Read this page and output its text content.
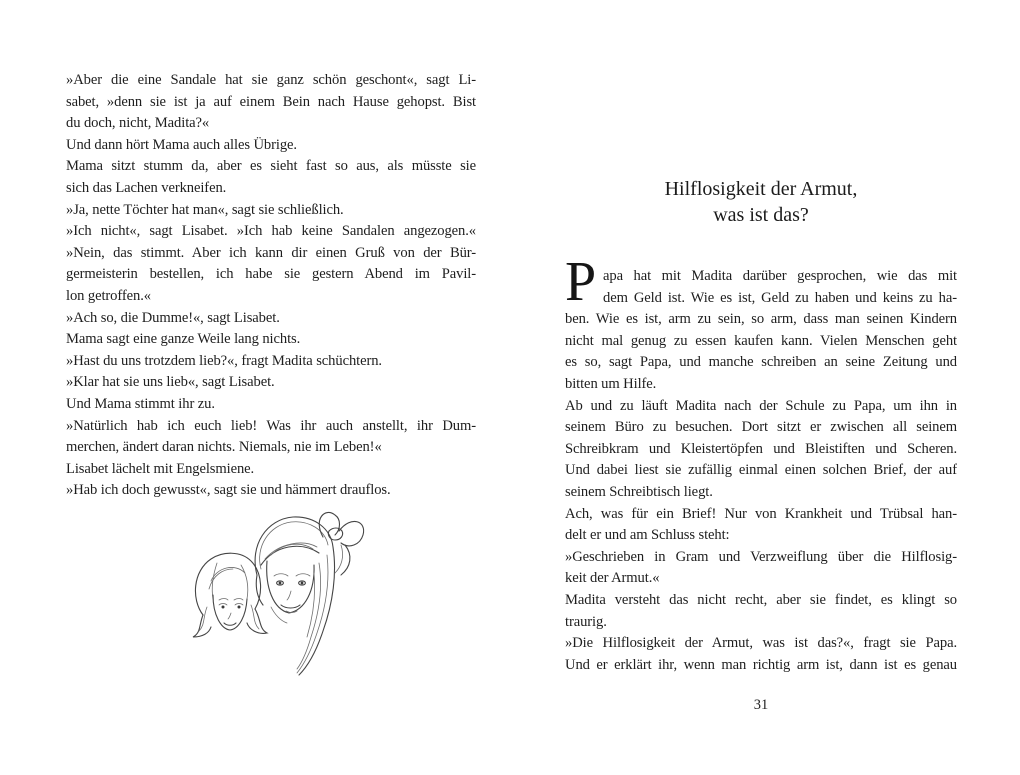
»Aber die eine Sandale hat sie ganz schön geschont«, sagt Li-
sabet, »denn sie ist ja auf einem Bein nach Hause gehopst. Bist
du doch, nicht, Madita?«
Und dann hört Mama auch alles Übrige.
Mama sitzt stumm da, aber es sieht fast so aus, als müsste sie
sich das Lachen verkneifen.
»Ja, nette Töchter hat man«, sagt sie schließlich.
»Ich nicht«, sagt Lisabet. »Ich hab keine Sandalen angezogen.«
»Nein, das stimmt. Aber ich kann dir einen Gruß von der Bür-
germeisterin bestellen, ich habe sie gestern Abend im Pavil-
lon getroffen.«
»Ach so, die Dumme!«, sagt Lisabet.
Mama sagt eine ganze Weile lang nichts.
»Hast du uns trotzdem lieb?«, fragt Madita schüchtern.
»Klar hat sie uns lieb«, sagt Lisabet.
Und Mama stimmt ihr zu.
»Natürlich hab ich euch lieb! Was ihr auch anstellt, ihr Dum-
merchen, ändert daran nichts. Niemals, nie im Leben!«
Lisabet lächelt mit Engelsmiene.
»Hab ich doch gewusst«, sagt sie und hämmert drauflos.
Hilflosigkeit der Armut,
was ist das?
P apa hat mit Madita darüber gesprochen, wie das mit
dem Geld ist. Wie es ist, Geld zu haben und keins zu ha-
ben. Wie es ist, arm zu sein, so arm, dass man seinen Kindern
nicht mal genug zu essen kaufen kann. Vielen Menschen geht
es so, sagt Papa, und manche schreiben an seine Zeitung und
bitten um Hilfe.
Ab und zu läuft Madita nach der Schule zu Papa, um ihn in
seinem Büro zu besuchen. Dort sitzt er zwischen all seinem
Schreibkram und Kleistertöpfen und Bleistiften und Scheren.
Und dabei liest sie zufällig einmal einen solchen Brief, der auf
seinem Schreibtisch liegt.
Ach, was für ein Brief! Nur von Krankheit und Trübsal han-
delt er und am Schluss steht:
»Geschrieben in Gram und Verzweiflung über die Hilflosig-
keit der Armut.«
Madita versteht das nicht recht, aber sie findet, es klingt so
traurig.
»Die Hilflosigkeit der Armut, was ist das?«, fragt sie Papa.
Und er erklärt ihr, wenn man richtig arm ist, dann ist es genau
31
